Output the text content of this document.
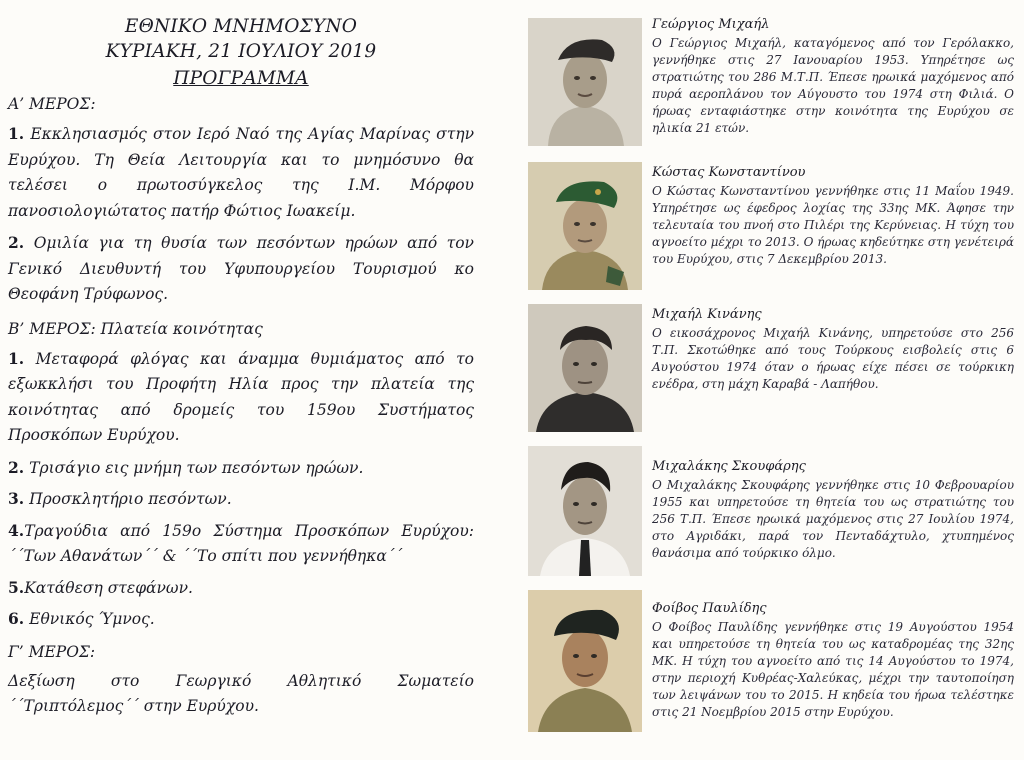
ΕΘΝΙΚΟ ΜΝΗΜΟΣΥΝΟ
ΚΥΡΙΑΚΗ, 21 ΙΟΥΛΙΟΥ 2019
ΠΡΟΓΡΑΜΜΑ
Α’ ΜΕΡΟΣ:
1. Εκκλησιασμός στον Ιερό Ναό της Αγίας Μαρίνας στην Ευρύχου. Τη Θεία Λειτουργία και το μνημόσυνο θα τελέσει ο πρωτοσύγκελος της Ι.Μ. Μόρφου πανοσιολογιώτατος πατήρ Φώτιος Ιωακείμ.
2. Ομιλία για τη θυσία των πεσόντων ηρώων από τον Γενικό Διευθυντή του Υφυπουργείου Τουρισμού κο Θεοφάνη Τρύφωνος.
Β’ ΜΕΡΟΣ: Πλατεία κοινότητας
1. Μεταφορά φλόγας και άναμμα θυμιάματος από το εξωκκλήσι του Προφήτη Ηλία προς την πλατεία της κοινότητας από δρομείς του 159ου Συστήματος Προσκόπων Ευρύχου.
2. Τρισάγιο εις μνήμη των πεσόντων ηρώων.
3. Προσκλητήριο πεσόντων.
4.Τραγούδια από 159ο Σύστημα Προσκόπων Ευρύχου: ΄΄Των Αθανάτων΄΄ & ΄΄Το σπίτι που γεννήθηκα΄΄
5.Κατάθεση στεφάνων.
6. Εθνικός Ύμνος.
Γ’ ΜΕΡΟΣ:
Δεξίωση στο Γεωργικό Αθλητικό Σωματείο ΄΄Τριπτόλεμος΄΄ στην Ευρύχου.
Γεώργιος Μιχαήλ
Ο Γεώργιος Μιχαήλ, καταγόμενος από τον Γερόλακκο, γεννήθηκε στις 27 Ιανουαρίου 1953. Υπηρέτησε ως στρατιώτης του 286 Μ.Τ.Π. Έπεσε ηρωικά μαχόμενος από πυρά αεροπλάνου τον Αύγουστο του 1974 στη Φιλιά. Ο ήρωας ενταφιάστηκε στην κοινότητα της Ευρύχου σε ηλικία 21 ετών.
Κώστας Κωνσταντίνου
Ο Κώστας Κωνσταντίνου γεννήθηκε στις 11 Μαΐου 1949. Υπηρέτησε ως έφεδρος λοχίας της 33ης ΜΚ. Άφησε την τελευταία του πνοή στο Πιλέρι της Κερύνειας. Η τύχη του αγνοείτο μέχρι το 2013. Ο ήρωας κηδεύτηκε στη γενέτειρά του Ευρύχου, στις 7 Δεκεμβρίου 2013.
Μιχαήλ Κινάνης
Ο εικοσάχρονος Μιχαήλ Κινάνης, υπηρετούσε στο 256 Τ.Π. Σκοτώθηκε από τους Τούρκους εισβολείς στις 6 Αυγούστου 1974 όταν ο ήρωας είχε πέσει σε τούρκικη ενέδρα, στη μάχη Καραβά - Λαπήθου.
Μιχαλάκης Σκουφάρης
Ο Μιχαλάκης Σκουφάρης γεννήθηκε στις 10 Φεβρουαρίου 1955 και υπηρετούσε τη θητεία του ως στρατιώτης του 256 Τ.Π. Έπεσε ηρωικά μαχόμενος στις 27 Ιουλίου 1974, στο Αγριδάκι, παρά τον Πενταδάχτυλο, χτυπημένος θανάσιμα από τούρκικο όλμο.
Φοίβος Παυλίδης
Ο Φοίβος Παυλίδης γεννήθηκε στις 19 Αυγούστου 1954 και υπηρετούσε τη θητεία του ως καταδρομέας της 32ης ΜΚ. Η τύχη του αγνοείτο από τις 14 Αυγούστου το 1974, στην περιοχή Κυθρέας-Χαλεύκας, μέχρι την ταυτοποίηση των λειψάνων του το 2015. Η κηδεία του ήρωα τελέστηκε στις 21 Νοεμβρίου 2015 στην Ευρύχου.
